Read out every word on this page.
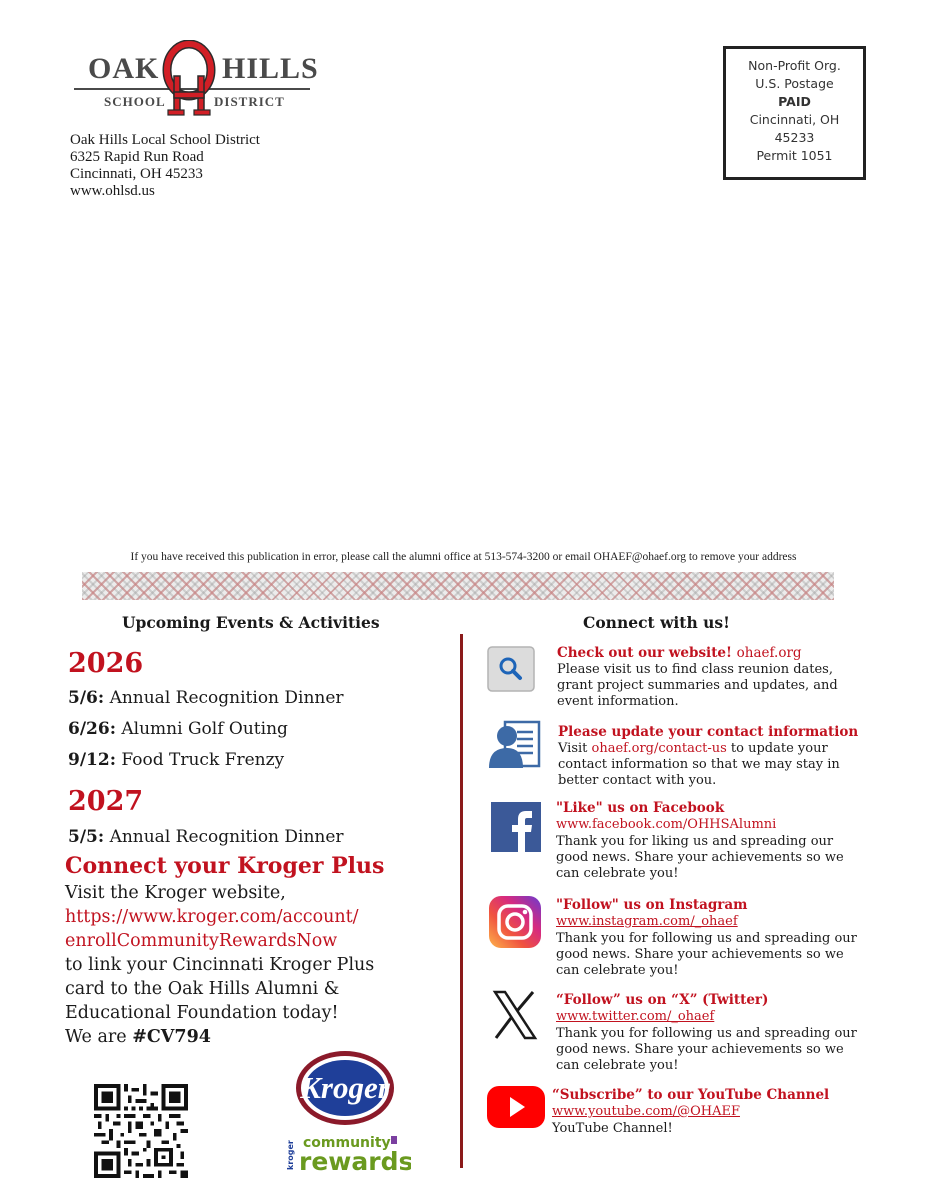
OAK HILLS
SCHOOL	DISTRICT
Oak Hills Local School District
6325 Rapid Run Road
Cincinnati, OH 45233
www.ohlsd.us
Non-Profit Org.
U.S. Postage
PAID
Cincinnati, OH
45233
Permit 1051
If you have received this publication in error, please call the alumni office at 513-574-3200 or email OHAEF@ohaef.org to remove your address
Upcoming Events & Activities	Connect with us!
2026
5/6: Annual Recognition Dinner
6/26: Alumni Golf Outing
9/12: Food Truck Frenzy
2027
5/5: Annual Recognition Dinner
Connect your Kroger Plus
Visit the Kroger website,
https://www.kroger.com/account/
enrollCommunityRewardsNow
to link your Cincinnati Kroger Plus
card to the Oak Hills Alumni &
Educational Foundation today!
We are #CV794
Kroger
kroger community
rewards
Check out our website! ohaef.org
Please visit us to find class reunion dates,
grant project summaries and updates, and
event information.
Please update your contact information
Visit ohaef.org/contact-us to update your
contact information so that we may stay in
better contact with you.
"Like" us on Facebook
www.facebook.com/OHHSAlumni
Thank you for liking us and spreading our
good news. Share your achievements so we
can celebrate you!
"Follow" us on Instagram
www.instagram.com/_ohaef
Thank you for following us and spreading our
good news. Share your achievements so we
can celebrate you!
“Follow” us on “X” (Twitter)
www.twitter.com/_ohaef
Thank you for following us and spreading our
good news. Share your achievements so we
can celebrate you!
“Subscribe” to our YouTube Channel
www.youtube.com/@OHAEF
YouTube Channel!
